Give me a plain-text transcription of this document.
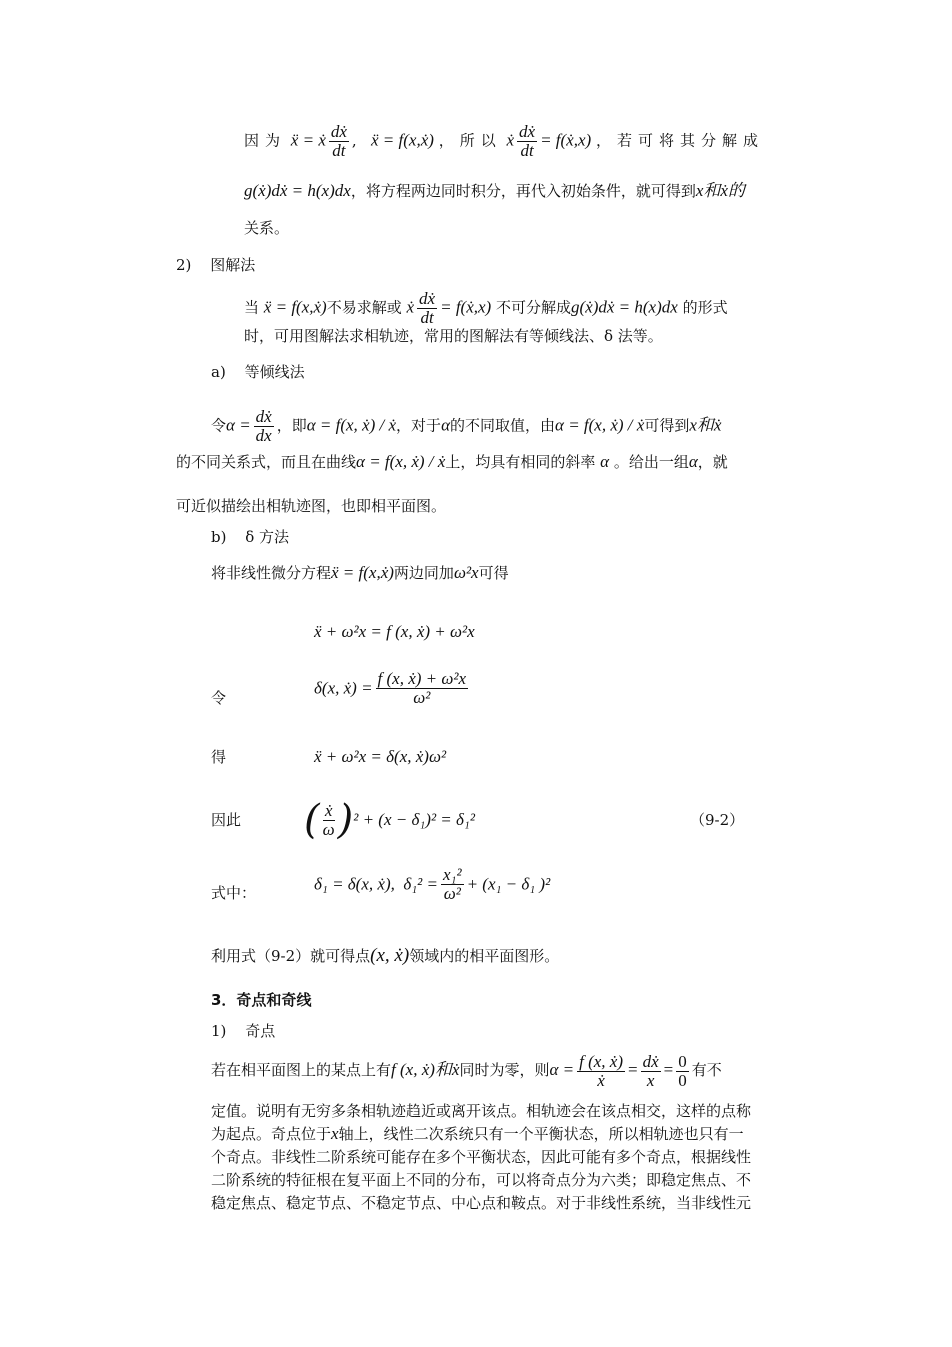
因为 ẍ = ẋ $\frac{\text{dẋ}}{dt}$ , ẍ = f(x,ẋ) ，所以 ẋ $\frac{\text{dẋ}}{dt}$ = f(ẋ,x) ，若可将其分解成
g(ẋ)dẋ = h(x)dx，将方程两边同时积分，再代入初始条件，就可得到x和ẋ的
关系。
2) 图解法
当 ẍ = f(x,ẋ)不易求解或 ẋ $\frac{\text{dẋ}}{dt}$ = f(ẋ,x) 不可分解成g(ẋ)dẋ = h(x)dx 的形式
时，可用图解法求相轨迹，常用的图解法有等倾线法、δ 法等。
a) 等倾线法
令$\alpha = \frac{\text{dẋ}}{dx}$ ，即α = f(x, ẋ) / ẋ，对于α的不同取值，由α = f(x, ẋ) / ẋ可得到x和ẋ
的不同关系式，而且在曲线α = f(x, ẋ) / ẋ上，均具有相同的斜率 α 。给出一组α，就
可近似描绘出相轨迹图，也即相平面图。
b) δ 方法
将非线性微分方程ẍ = f(x,ẋ)两边同加ω²x可得
ẍ + ω²x = f (x, ẋ) + ω²x
令
δ(x, ẋ) = $\frac{\text{f (x, ẋ) + ω²x}}{\text{ω²}}$
得	ẍ + ω²x = δ(x, ẋ)ω²
因此 ( $\frac{\text{ẋ}}{\omega} )^2 + (x - \delta_1)^2 = \delta_1^2$	（9-2）
式中：	δ₁ = δ(x, ẋ), $\delta_1^2 = \frac{\text{x₁²}}{\text{ω²}} + (x_1 - \delta_1$ )²
利用式（9-2）就可得点(x, ẋ)领域内的相平面图形。
3．奇点和奇线
1) 奇点
若在相平面图上的某点上有f (x, ẋ)和ẋ同时为零，则$\alpha = \frac{\text{f (x, ẋ)}}{\text{ẋ}} = \frac{\text{dẋ}}{x} = \frac{0}{0}$ 有不
定值。说明有无穷多条相轨迹趋近或离开该点。相轨迹会在该点相交，这样的点称
为起点。奇点位于x轴上，线性二次系统只有一个平衡状态，所以相轨迹也只有一
个奇点。非线性二阶系统可能存在多个平衡状态，因此可能有多个奇点，根据线性
二阶系统的特征根在复平面上不同的分布，可以将奇点分为六类；即稳定焦点、不
稳定焦点、稳定节点、不稳定节点、中心点和鞍点。对于非线性系统，当非线性元
